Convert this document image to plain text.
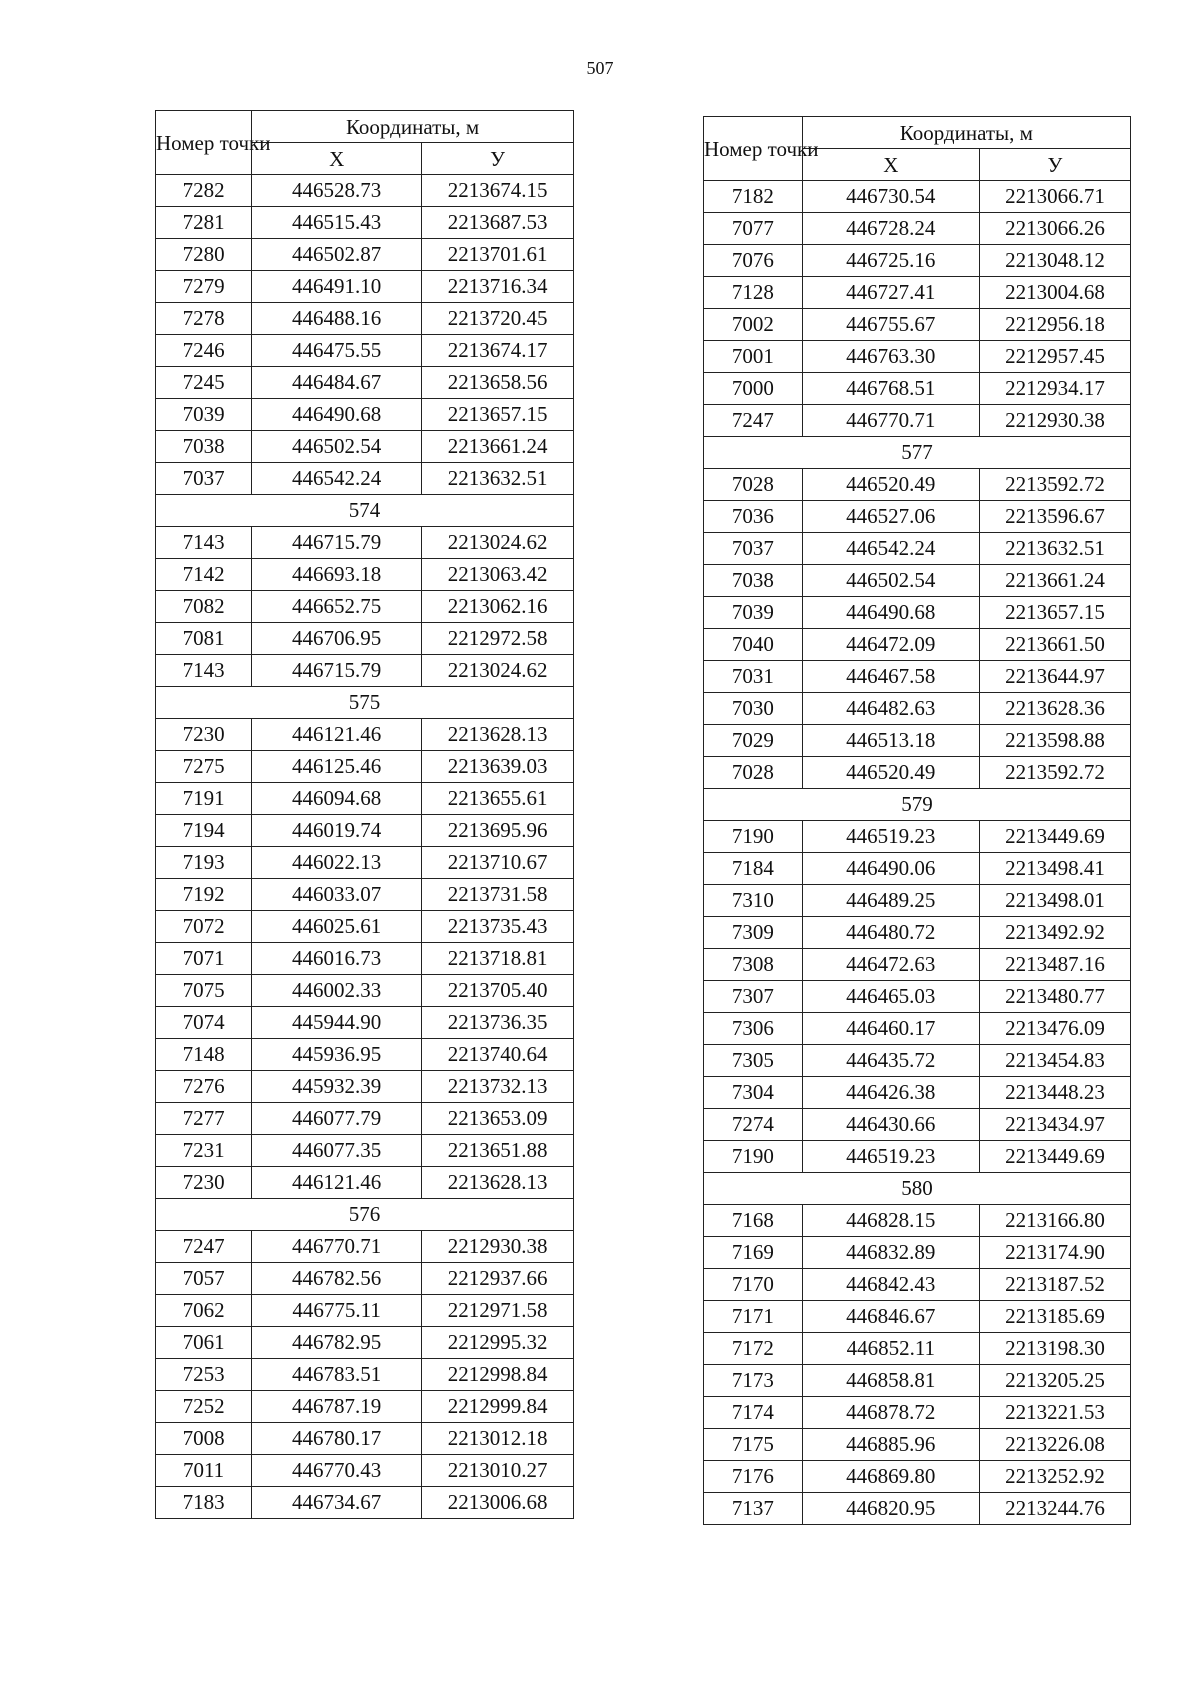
507
Номер точки	Координаты, м	
	X	У
7282	446528.73	2213674.15
7281	446515.43	2213687.53
7280	446502.87	2213701.61
7279	446491.10	2213716.34
7278	446488.16	2213720.45
7246	446475.55	2213674.17
7245	446484.67	2213658.56
7039	446490.68	2213657.15
7038	446502.54	2213661.24
7037	446542.24	2213632.51
574		
7143	446715.79	2213024.62
7142	446693.18	2213063.42
7082	446652.75	2213062.16
7081	446706.95	2212972.58
7143	446715.79	2213024.62
575		
7230	446121.46	2213628.13
7275	446125.46	2213639.03
7191	446094.68	2213655.61
7194	446019.74	2213695.96
7193	446022.13	2213710.67
7192	446033.07	2213731.58
7072	446025.61	2213735.43
7071	446016.73	2213718.81
7075	446002.33	2213705.40
7074	445944.90	2213736.35
7148	445936.95	2213740.64
7276	445932.39	2213732.13
7277	446077.79	2213653.09
7231	446077.35	2213651.88
7230	446121.46	2213628.13
576		
7247	446770.71	2212930.38
7057	446782.56	2212937.66
7062	446775.11	2212971.58
7061	446782.95	2212995.32
7253	446783.51	2212998.84
7252	446787.19	2212999.84
7008	446780.17	2213012.18
7011	446770.43	2213010.27
7183	446734.67	2213006.68
Номер точки	Координаты, м	
	X	У
7182	446730.54	2213066.71
7077	446728.24	2213066.26
7076	446725.16	2213048.12
7128	446727.41	2213004.68
7002	446755.67	2212956.18
7001	446763.30	2212957.45
7000	446768.51	2212934.17
7247	446770.71	2212930.38
577		
7028	446520.49	2213592.72
7036	446527.06	2213596.67
7037	446542.24	2213632.51
7038	446502.54	2213661.24
7039	446490.68	2213657.15
7040	446472.09	2213661.50
7031	446467.58	2213644.97
7030	446482.63	2213628.36
7029	446513.18	2213598.88
7028	446520.49	2213592.72
579		
7190	446519.23	2213449.69
7184	446490.06	2213498.41
7310	446489.25	2213498.01
7309	446480.72	2213492.92
7308	446472.63	2213487.16
7307	446465.03	2213480.77
7306	446460.17	2213476.09
7305	446435.72	2213454.83
7304	446426.38	2213448.23
7274	446430.66	2213434.97
7190	446519.23	2213449.69
580		
7168	446828.15	2213166.80
7169	446832.89	2213174.90
7170	446842.43	2213187.52
7171	446846.67	2213185.69
7172	446852.11	2213198.30
7173	446858.81	2213205.25
7174	446878.72	2213221.53
7175	446885.96	2213226.08
7176	446869.80	2213252.92
7137	446820.95	2213244.76
